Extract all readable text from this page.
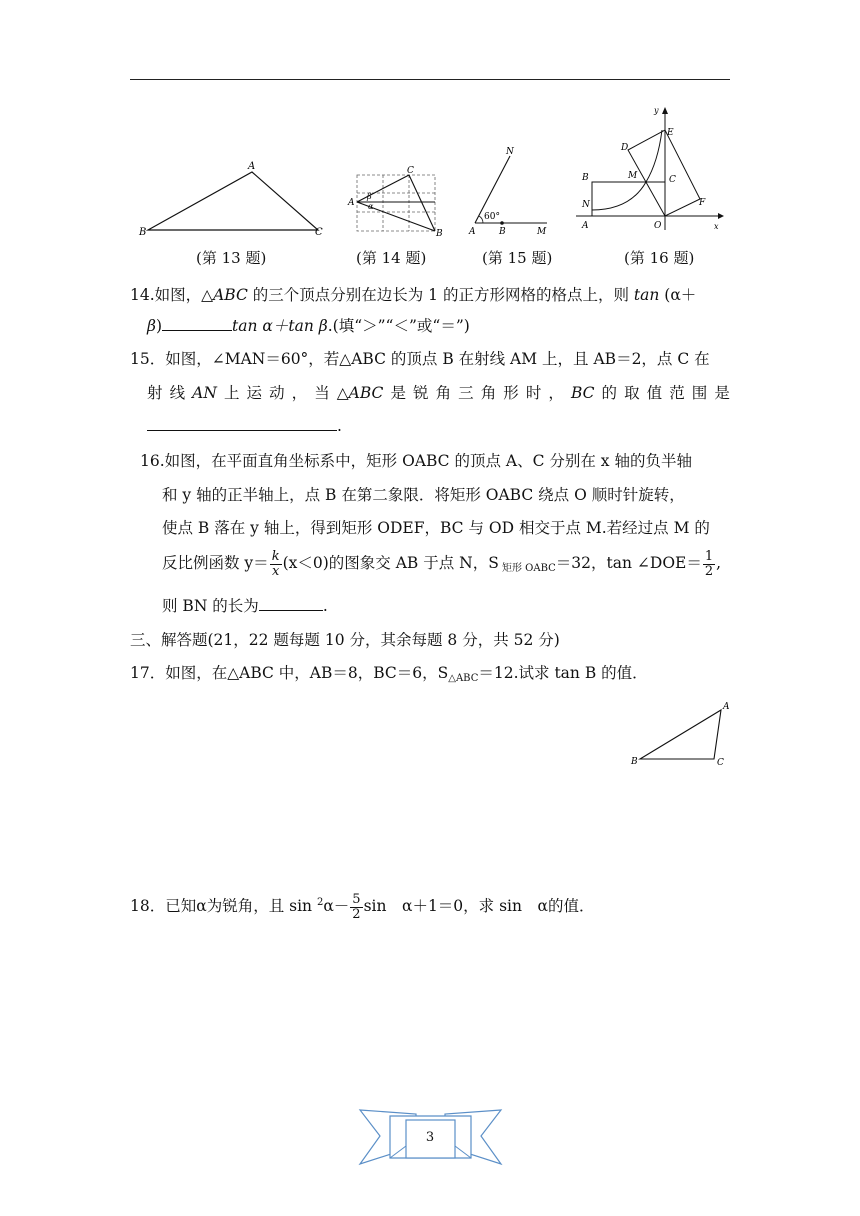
A
B	C
(第 13 题)
C
A
B
β
α
(第 14 题)
N
A	B	M
60°
(第 15 题)
y
x
E
D
M	C
B
N	F
A	O
(第 16 题)
14.如图，△ABC 的三个顶点分别在边长为 1 的正方形网格的格点上，则 tan (α＋
β)	tan α＋tan β.(填“＞”“＜”或“＝”)
15．如图，∠MAN＝60°，若△ABC 的顶点 B 在射线 AM 上，且 AB＝2，点 C 在
射 线 AN 上 运 动 ， 当 △ABC 是 锐 角 三 角 形 时 ， BC 的 取 值 范 围 是
.
16.如图，在平面直角坐标系中，矩形 OABC 的顶点 A、C 分别在 x 轴的负半轴
和 y 轴的正半轴上，点 B 在第二象限．将矩形 OABC 绕点 O 顺时针旋转，
使点 B 落在 y 轴上，得到矩形 ODEF，BC 与 OD 相交于点 M.若经过点 M 的
反比例函数 $y= \frac{k}{x} (x<0)$的图象交 AB 于点 N，S $_{矩形 OABC}$＝32，tan ∠DOE＝ $\frac{1}{2}$ ,
则 BN 的长为	.
三、解答题(21，22 题每题 10 分，其余每题 8 分，共 52 分)
17．如图，在△ABC 中，AB＝8，BC＝6，$S_{\triangle ABC}=12$.试求 tan B 的值．
A
B	C
18．已知α为锐角，且 $\sin ^2\alpha- \frac{5}{2}$ sin　α＋1＝0，求 sin　α的值．
3
